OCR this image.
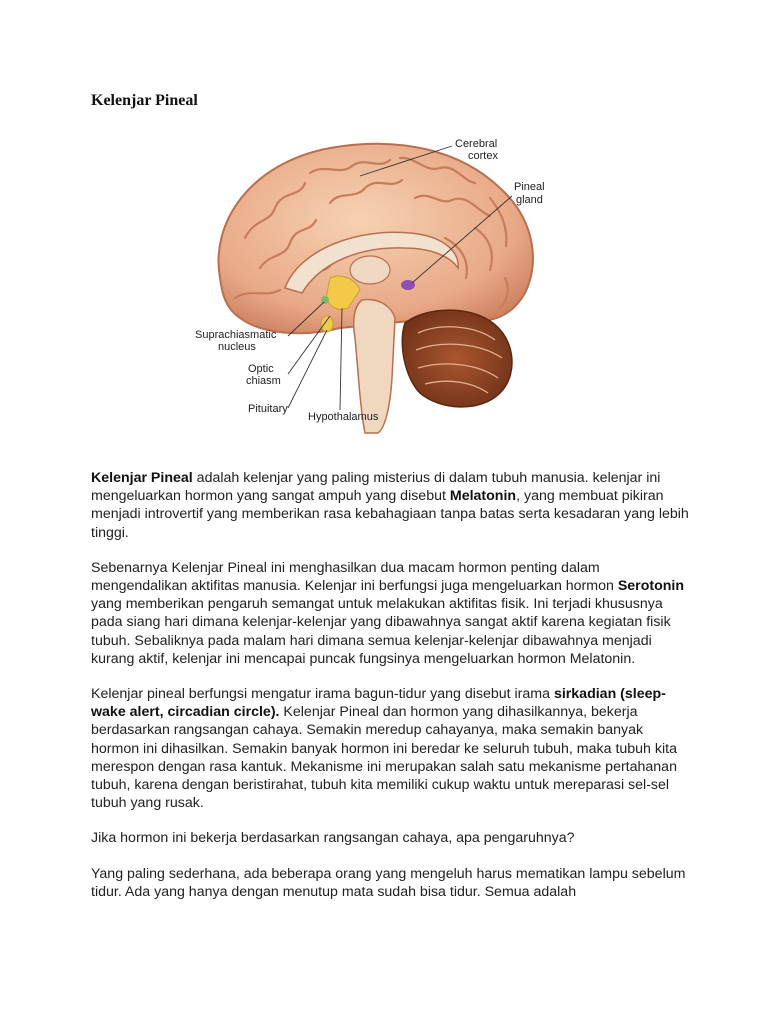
Kelenjar Pineal
Cerebral
cortex
Pineal
gland
Suprachiasmatic
nucleus
Optic
chiasm
Pituitary
Hypothalamus

Kelenjar Pineal adalah kelenjar yang paling misterius di dalam tubuh manusia. kelenjar ini mengeluarkan hormon yang sangat ampuh yang disebut Melatonin, yang membuat pikiran menjadi introvertif yang memberikan rasa kebahagiaan tanpa batas serta kesadaran yang lebih tinggi.

Sebenarnya Kelenjar Pineal ini menghasilkan dua macam hormon penting dalam mengendalikan aktifitas manusia. Kelenjar ini berfungsi juga mengeluarkan hormon Serotonin yang memberikan pengaruh semangat untuk melakukan aktifitas fisik. Ini terjadi khususnya pada siang hari dimana kelenjar-kelenjar yang dibawahnya sangat aktif karena kegiatan fisik tubuh. Sebaliknya pada malam hari dimana semua kelenjar-kelenjar dibawahnya menjadi kurang aktif, kelenjar ini mencapai puncak fungsinya mengeluarkan hormon Melatonin.

Kelenjar pineal berfungsi mengatur irama bagun-tidur yang disebut irama sirkadian (sleep-wake alert, circadian circle). Kelenjar Pineal dan hormon yang dihasilkannya, bekerja berdasarkan rangsangan cahaya. Semakin meredup cahayanya, maka semakin banyak hormon ini dihasilkan. Semakin banyak hormon ini beredar ke seluruh tubuh, maka tubuh kita merespon dengan rasa kantuk. Mekanisme ini merupakan salah satu mekanisme pertahanan tubuh, karena dengan beristirahat, tubuh kita memiliki cukup waktu untuk mereparasi sel-sel tubuh yang rusak.

Jika hormon ini bekerja berdasarkan rangsangan cahaya, apa pengaruhnya?

Yang paling sederhana, ada beberapa orang yang mengeluh harus mematikan lampu sebelum tidur. Ada yang hanya dengan menutup mata sudah bisa tidur. Semua adalah
